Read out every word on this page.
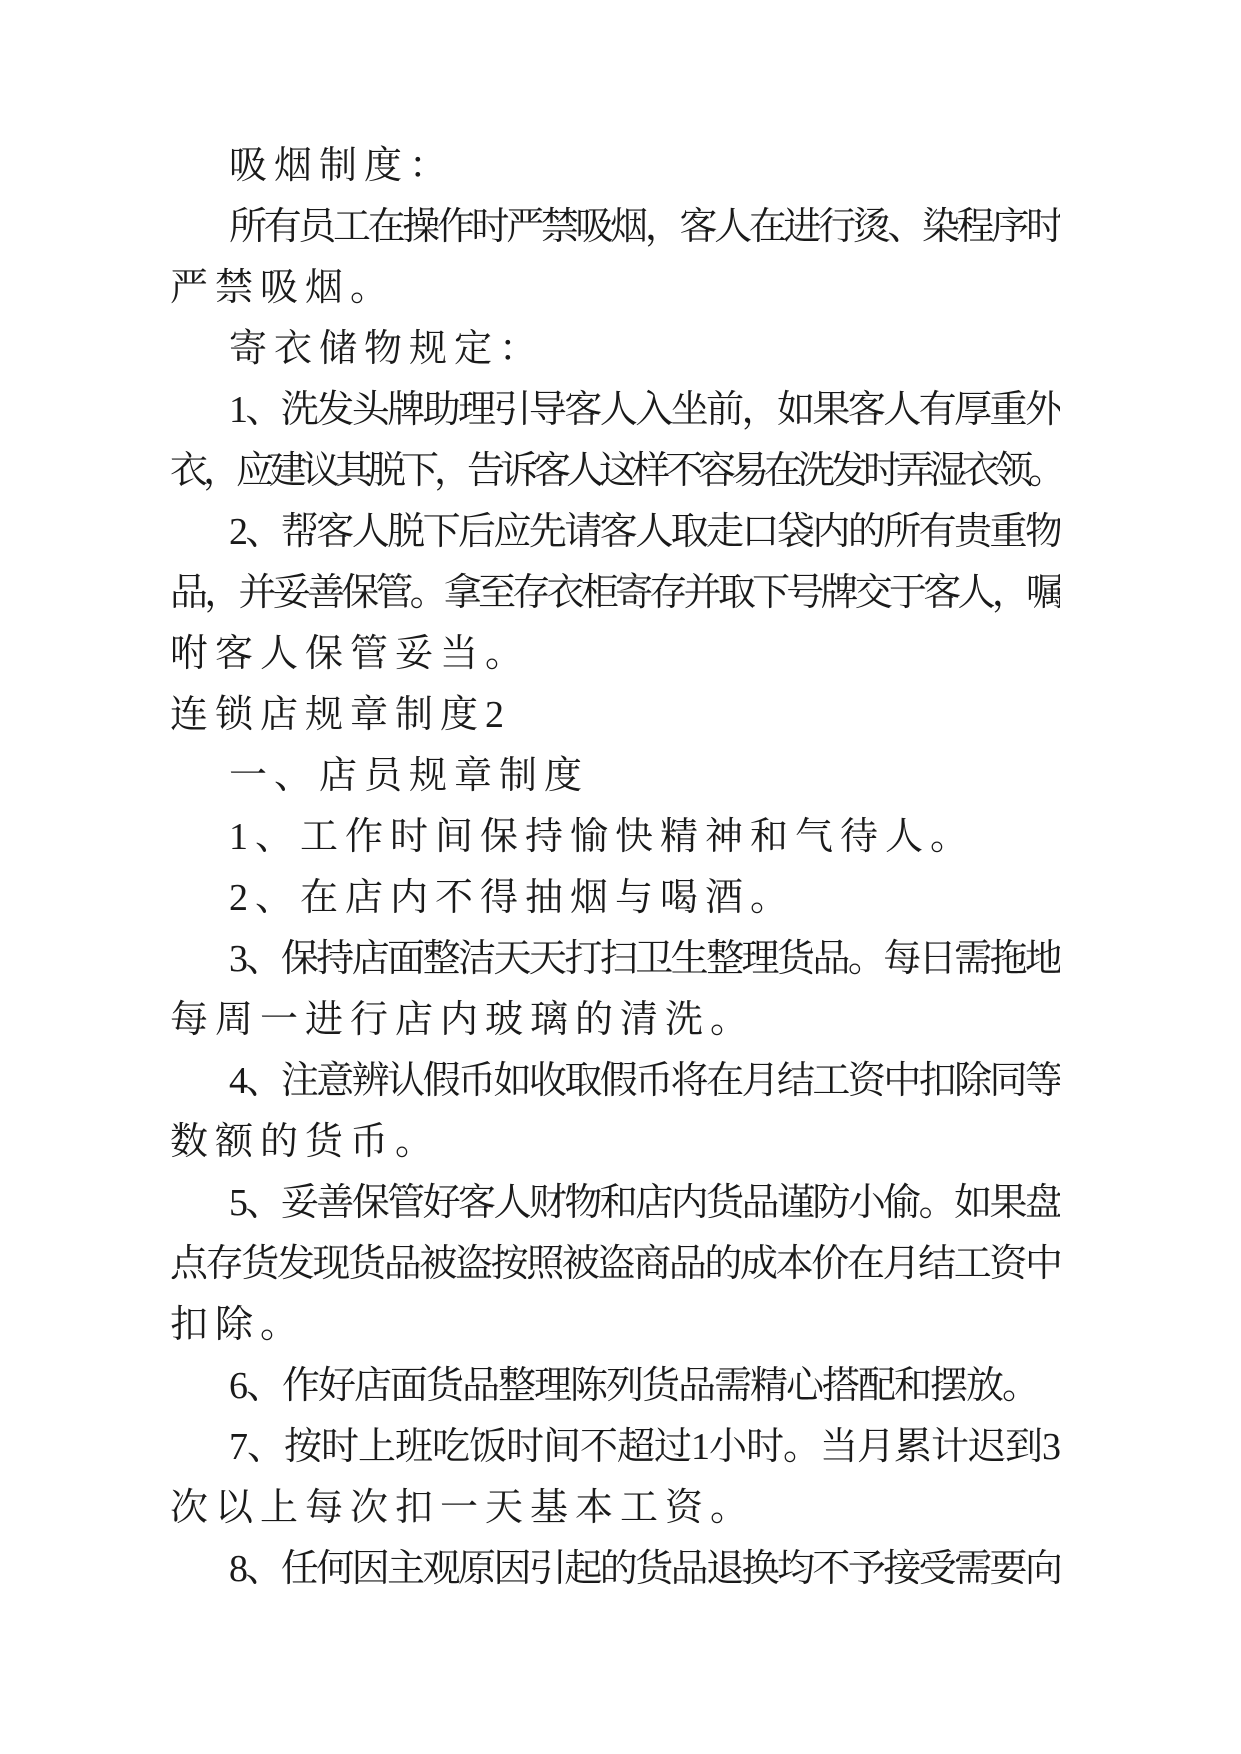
吸烟制度：
所有员工在操作时严禁吸烟，客人在进行烫、染程序时
严禁吸烟。
寄衣储物规定：
1、洗发头牌助理引导客人入坐前，如果客人有厚重外
衣，应建议其脱下，告诉客人这样不容易在洗发时弄湿衣领。
2、帮客人脱下后应先请客人取走口袋内的所有贵重物
品，并妥善保管。拿至存衣柜寄存并取下号牌交于客人，嘱
咐客人保管妥当。
连锁店规章制度2
一、店员规章制度
1、工作时间保持愉快精神和气待人。
2、在店内不得抽烟与喝酒。
3、保持店面整洁天天打扫卫生整理货品。每日需拖地
每周一进行店内玻璃的清洗。
4、注意辨认假币如收取假币将在月结工资中扣除同等
数额的货币。
5、妥善保管好客人财物和店内货品谨防小偷。如果盘
点存货发现货品被盗按照被盗商品的成本价在月结工资中
扣除。
6、作好店面货品整理陈列货品需精心搭配和摆放。
7、按时上班吃饭时间不超过1小时。当月累计迟到3
次以上每次扣一天基本工资。
8、任何因主观原因引起的货品退换均不予接受需要向
